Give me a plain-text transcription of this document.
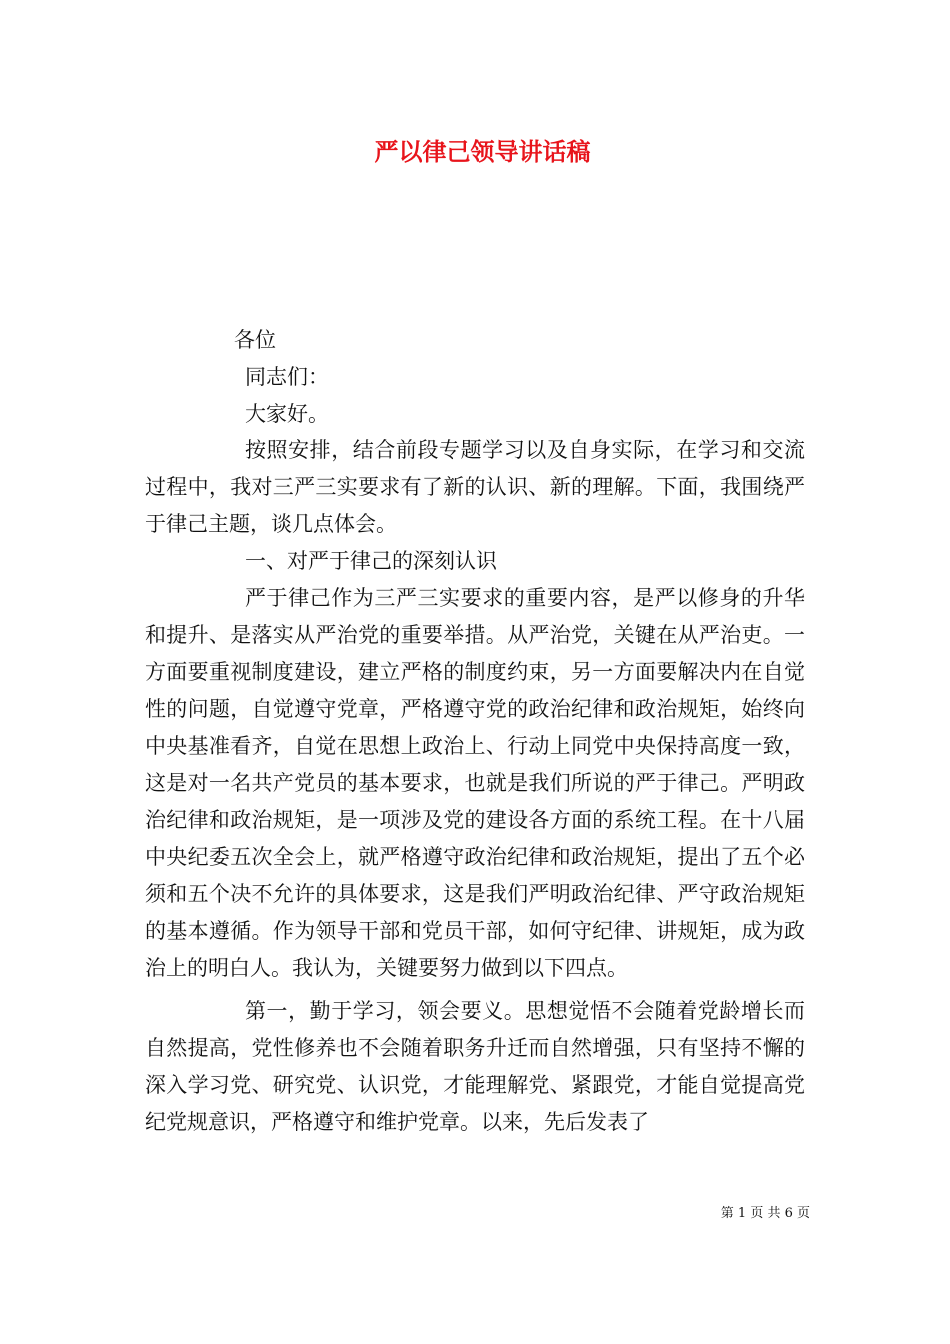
严以律己领导讲话稿
各位
同志们：
大家好。

按照安排，结合前段专题学习以及自身实际，在学习和交流过程中，我对三严三实要求有了新的认识、新的理解。下面，我围绕严于律己主题，谈几点体会。

一、对严于律己的深刻认识

严于律己作为三严三实要求的重要内容，是严以修身的升华和提升、是落实从严治党的重要举措。从严治党，关键在从严治吏。一方面要重视制度建设，建立严格的制度约束，另一方面要解决内在自觉性的问题，自觉遵守党章，严格遵守党的政治纪律和政治规矩，始终向中央基准看齐，自觉在思想上政治上、行动上同党中央保持高度一致，这是对一名共产党员的基本要求，也就是我们所说的严于律己。严明政治纪律和政治规矩，是一项涉及党的建设各方面的系统工程。在十八届中央纪委五次全会上，就严格遵守政治纪律和政治规矩，提出了五个必须和五个决不允许的具体要求，这是我们严明政治纪律、严守政治规矩的基本遵循。作为领导干部和党员干部，如何守纪律、讲规矩，成为政治上的明白人。我认为，关键要努力做到以下四点。

第一，勤于学习，领会要义。思想觉悟不会随着党龄增长而自然提高，党性修养也不会随着职务升迁而自然增强，只有坚持不懈的深入学习党、研究党、认识党，才能理解党、紧跟党，才能自觉提高党纪党规意识，严格遵守和维护党章。以来，先后发表了

第 1 页 共 6 页
